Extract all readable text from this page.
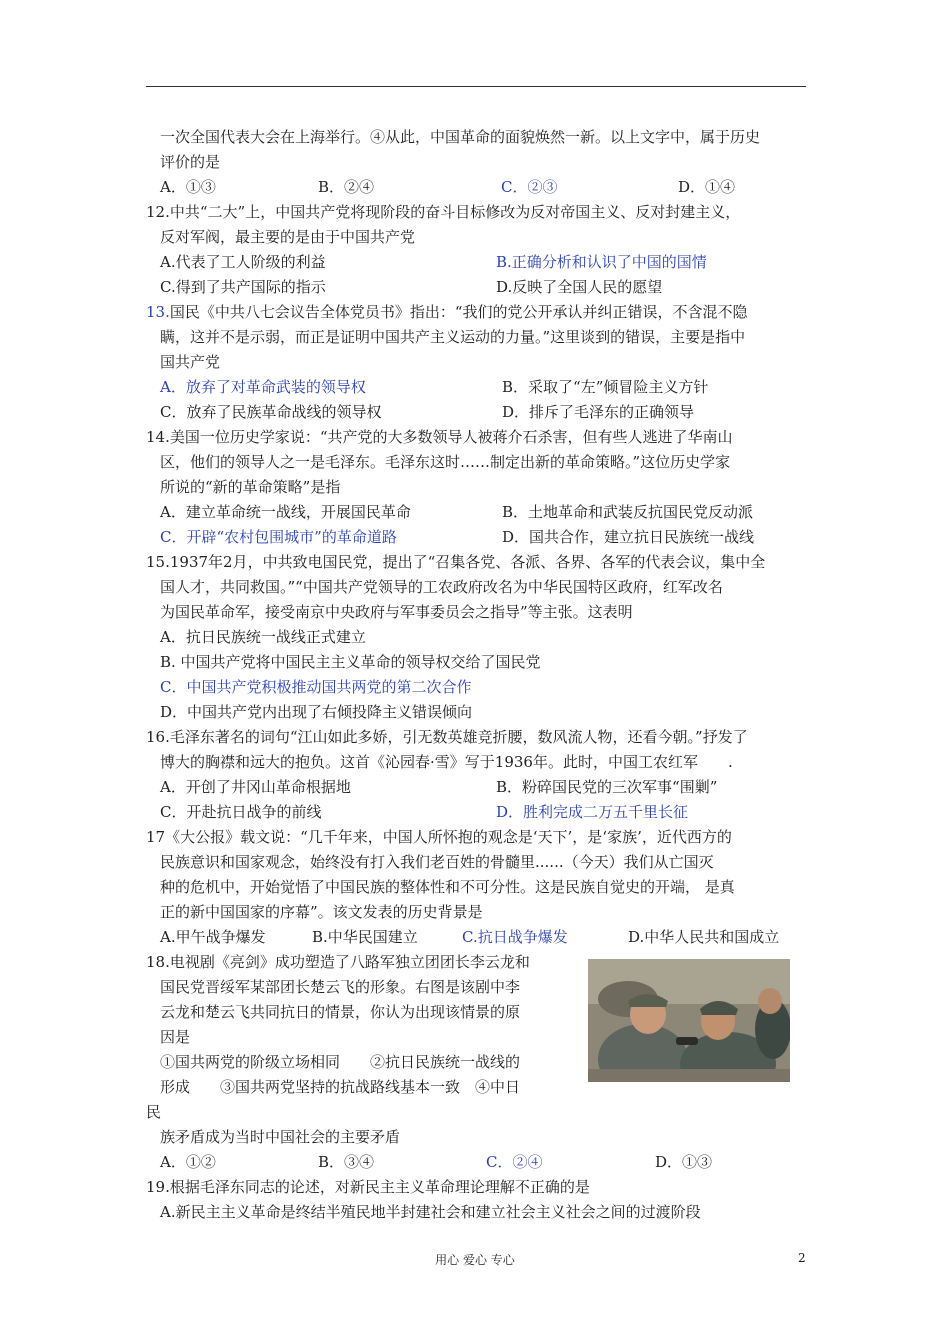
一次全国代表大会在上海举行。④从此，中国革命的面貌焕然一新。以上文字中，属于历史
评价的是
A．①③	B．②④	C．②③	D．①④
12.中共“二大”上，中国共产党将现阶段的奋斗目标修改为反对帝国主义、反对封建主义，
反对军阀，最主要的是由于中国共产党
A.代表了工人阶级的利益	B.正确分析和认识了中国的国情
C.得到了共产国际的指示	D.反映了全国人民的愿望
13.国民《中共八七会议告全体党员书》指出：“我们的党公开承认并纠正错误，不含混不隐
瞒，这并不是示弱，而正是证明中国共产主义运动的力量。”这里谈到的错误，主要是指中
国共产党
A．放弃了对革命武装的领导权	B．采取了“左”倾冒险主义方针
C．放弃了民族革命战线的领导权	D．排斥了毛泽东的正确领导
14.美国一位历史学家说：“共产党的大多数领导人被蒋介石杀害，但有些人逃进了华南山
区，他们的领导人之一是毛泽东。毛泽东这时……制定出新的革命策略。”这位历史学家
所说的“新的革命策略”是指
A．建立革命统一战线，开展国民革命	B．土地革命和武装反抗国民党反动派
C．开辟“农村包围城市”的革命道路	D．国共合作，建立抗日民族统一战线
15.1937年2月，中共致电国民党，提出了“召集各党、各派、各界、各军的代表会议，集中全
国人才，共同救国。”“中国共产党领导的工农政府改名为中华民国特区政府，红军改名
为国民革命军，接受南京中央政府与军事委员会之指导”等主张。这表明
A．抗日民族统一战线正式建立
B. 中国共产党将中国民主主义革命的领导权交给了国民党
C．中国共产党积极推动国共两党的第二次合作
D．中国共产党内出现了右倾投降主义错误倾向
16.毛泽东著名的词句“江山如此多娇，引无数英雄竞折腰，数风流人物，还看今朝。”抒发了
博大的胸襟和远大的抱负。这首《沁园春·雪》写于1936年。此时，中国工农红军　　.
A．开创了井冈山革命根据地	B．粉碎国民党的三次军事“围剿”
C．开赴抗日战争的前线	D．胜利完成二万五千里长征
17《大公报》载文说：“几千年来，中国人所怀抱的观念是‘天下’，是‘家族’，近代西方的
民族意识和国家观念，始终没有打入我们老百姓的骨髓里......（今天）我们从亡国灭
种的危机中，开始觉悟了中国民族的整体性和不可分性。这是民族自觉史的开端， 是真
正的新中国国家的序幕”。该文发表的历史背景是
A.甲午战争爆发	B.中华民国建立	C.抗日战争爆发	D.中华人民共和国成立
18.电视剧《亮剑》成功塑造了八路军独立团团长李云龙和
国民党晋绥军某部团长楚云飞的形象。右图是该剧中李
云龙和楚云飞共同抗日的情景，你认为出现该情景的原
因是
①国共两党的阶级立场相同　　②抗日民族统一战线的
形成　　③国共两党坚持的抗战路线基本一致　④中日
民
族矛盾成为当时中国社会的主要矛盾
A．①②	B．③④	C．②④	D．①③
19.根据毛泽东同志的论述，对新民主主义革命理论理解不正确的是
A.新民主主义革命是终结半殖民地半封建社会和建立社会主义社会之间的过渡阶段
用心 爱心 专心	2
